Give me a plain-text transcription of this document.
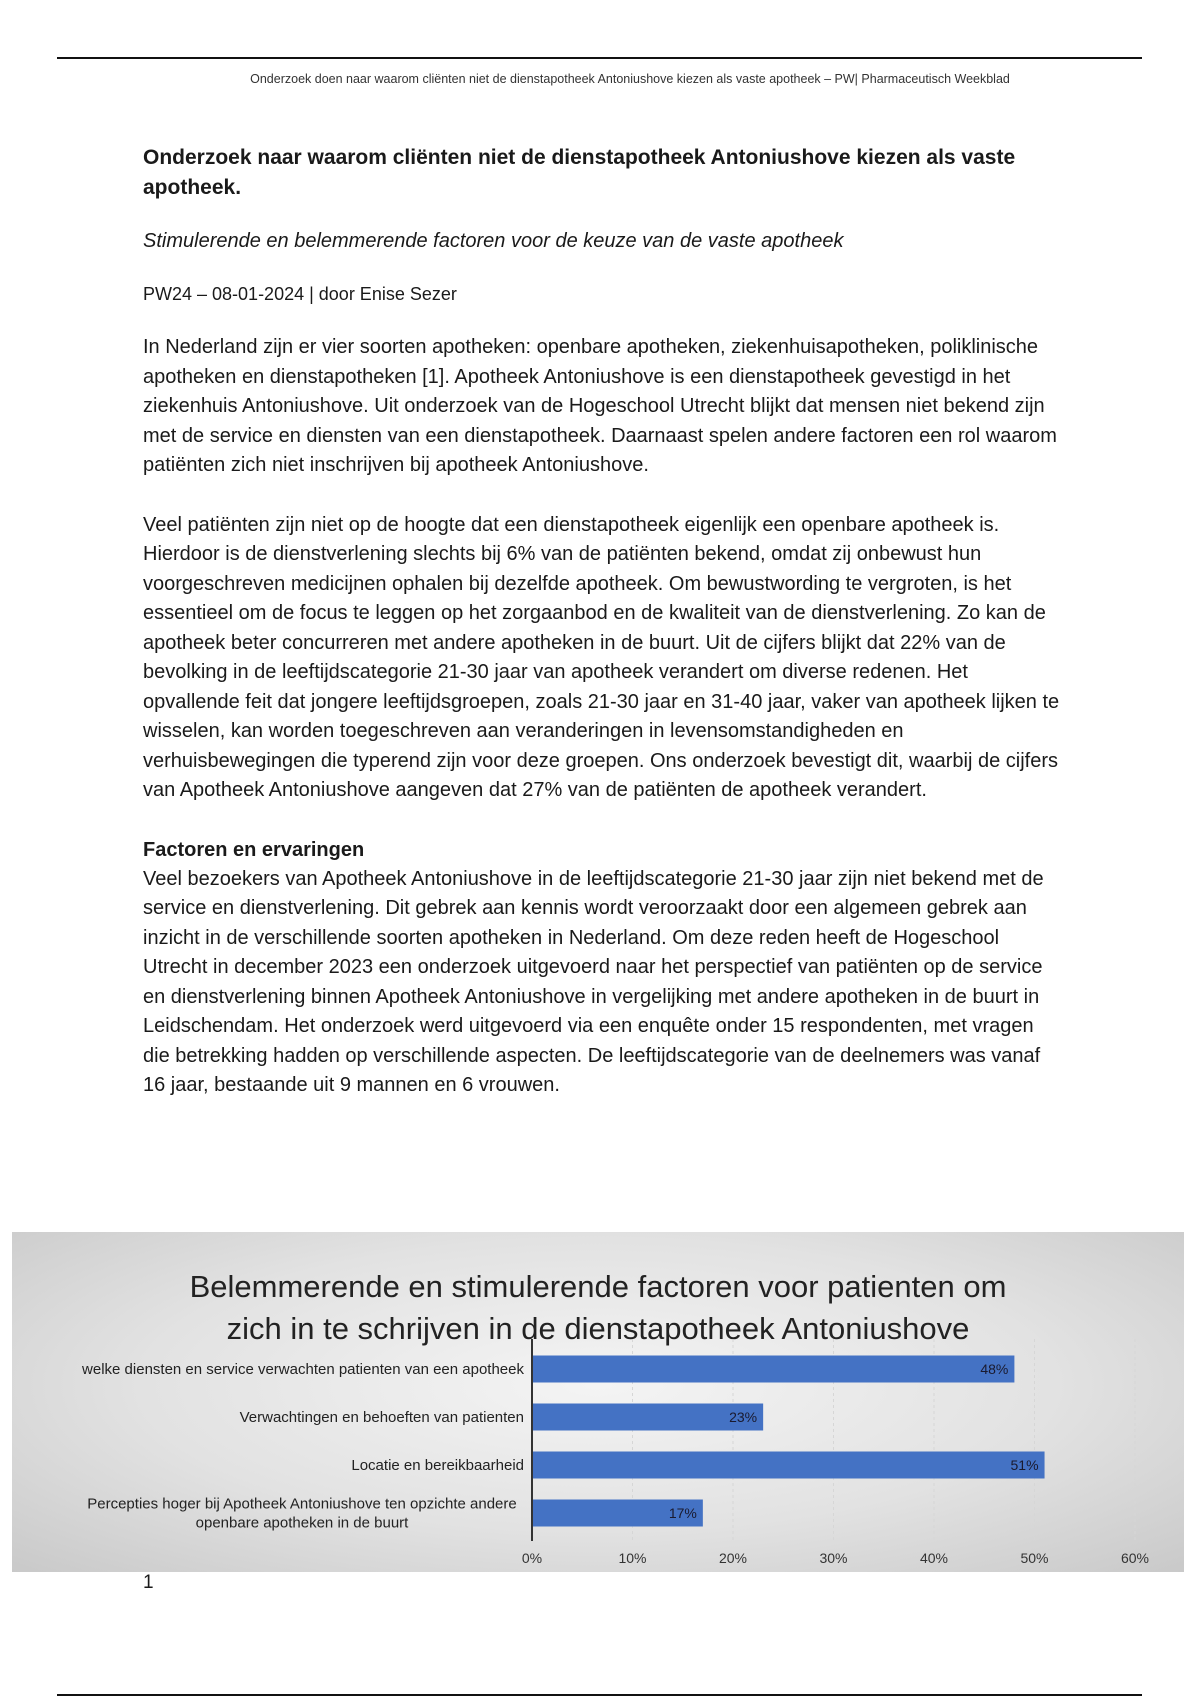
Onderzoek doen naar waarom cliënten niet de dienstapotheek Antoniushove kiezen als vaste apotheek – PW| Pharmaceutisch Weekblad

Onderzoek naar waarom cliënten niet de dienstapotheek Antoniushove kiezen als vaste apotheek.

Stimulerende en belemmerende factoren voor de keuze van de vaste apotheek

PW24 – 08-01-2024 | door Enise Sezer

In Nederland zijn er vier soorten apotheken: openbare apotheken, ziekenhuisapotheken, poliklinische apotheken en dienstapotheken [1]. Apotheek Antoniushove is een dienstapotheek gevestigd in het ziekenhuis Antoniushove. Uit onderzoek van de Hogeschool Utrecht blijkt dat mensen niet bekend zijn met de service en diensten van een dienstapotheek. Daarnaast spelen andere factoren een rol waarom patiënten zich niet inschrijven bij apotheek Antoniushove.

Veel patiënten zijn niet op de hoogte dat een dienstapotheek eigenlijk een openbare apotheek is. Hierdoor is de dienstverlening slechts bij 6% van de patiënten bekend, omdat zij onbewust hun voorgeschreven medicijnen ophalen bij dezelfde apotheek. Om bewustwording te vergroten, is het essentieel om de focus te leggen op het zorgaanbod en de kwaliteit van de dienstverlening. Zo kan de apotheek beter concurreren met andere apotheken in de buurt. Uit de cijfers blijkt dat 22% van de bevolking in de leeftijdscategorie 21-30 jaar van apotheek verandert om diverse redenen. Het opvallende feit dat jongere leeftijdsgroepen, zoals 21-30 jaar en 31-40 jaar, vaker van apotheek lijken te wisselen, kan worden toegeschreven aan veranderingen in levensomstandigheden en verhuisbewegingen die typerend zijn voor deze groepen. Ons onderzoek bevestigt dit, waarbij de cijfers van Apotheek Antoniushove aangeven dat 27% van de patiënten de apotheek verandert.

Factoren en ervaringen

Veel bezoekers van Apotheek Antoniushove in de leeftijdscategorie 21-30 jaar zijn niet bekend met de service en dienstverlening. Dit gebrek aan kennis wordt veroorzaakt door een algemeen gebrek aan inzicht in de verschillende soorten apotheken in Nederland. Om deze reden heeft de Hogeschool Utrecht in december 2023 een onderzoek uitgevoerd naar het perspectief van patiënten op de service en dienstverlening binnen Apotheek Antoniushove in vergelijking met andere apotheken in de buurt in Leidschendam. Het onderzoek werd uitgevoerd via een enquête onder 15 respondenten, met vragen die betrekking hadden op verschillende aspecten. De leeftijdscategorie van de deelnemers was vanaf 16 jaar, bestaande uit 9 mannen en 6 vrouwen.

Belemmerende en stimulerende factoren voor patienten om
zich in te schrijven in de dienstapotheek Antoniushove
48%
welke diensten en service verwachten patienten van een apotheek
23%
Verwachtingen en behoeften van patienten
51%
Locatie en bereikbaarheid
17%
Percepties hoger bij Apotheek Antoniushove ten opzichte andere
openbare apotheken in de buurt
0%	10%	20%	30%	40%	50%	60%
1
